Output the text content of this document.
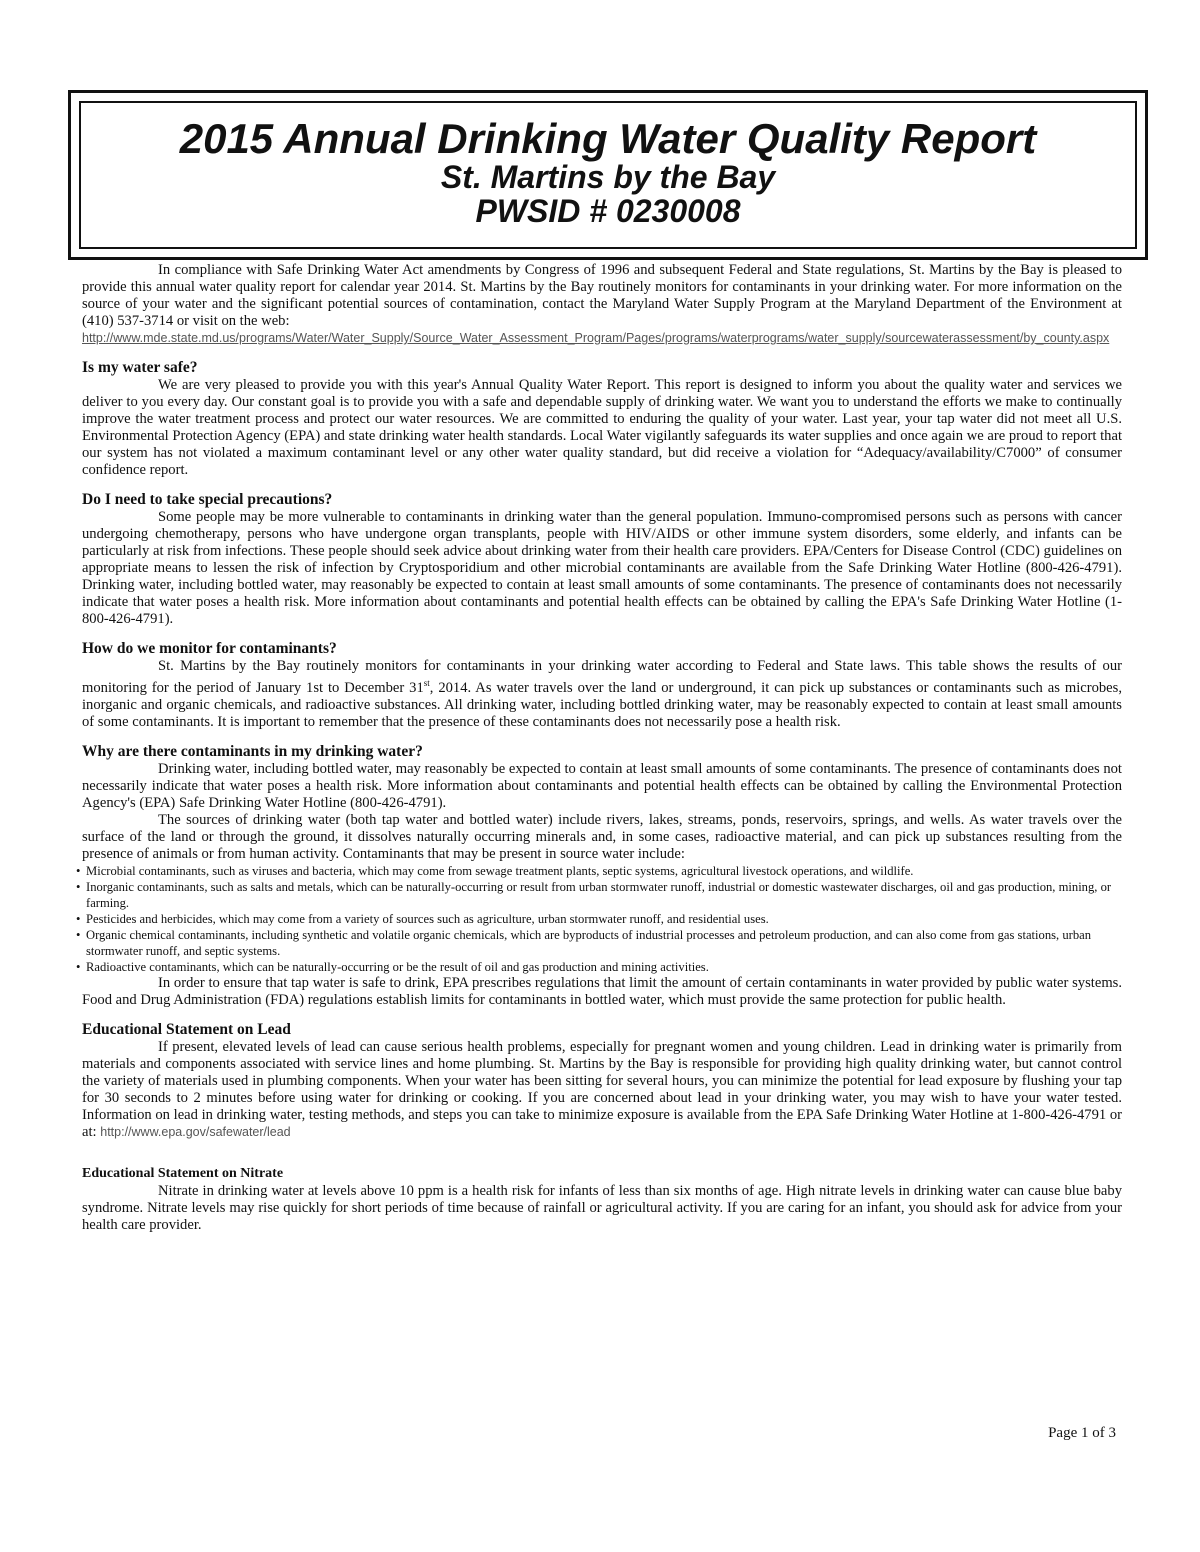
2015 Annual Drinking Water Quality Report
St. Martins by the Bay
PWSID # 0230008

In compliance with Safe Drinking Water Act amendments by Congress of 1996 and subsequent Federal and State regulations, St. Martins by the Bay is pleased to provide this annual water quality report for calendar year 2014. St. Martins by the Bay routinely monitors for contaminants in your drinking water. For more information on the source of your water and the significant potential sources of contamination, contact the Maryland Water Supply Program at the Maryland Department of the Environment at (410) 537-3714 or visit on the web:

http://www.mde.state.md.us/programs/Water/Water_Supply/Source_Water_Assessment_Program/Pages/programs/waterprograms/water_supply/sourcewaterassessment/by_county.aspx
Is my water safe?

We are very pleased to provide you with this year's Annual Quality Water Report. This report is designed to inform you about the quality water and services we deliver to you every day. Our constant goal is to provide you with a safe and dependable supply of drinking water. We want you to understand the efforts we make to continually improve the water treatment process and protect our water resources. We are committed to enduring the quality of your water. Last year, your tap water did not meet all U.S. Environmental Protection Agency (EPA) and state drinking water health standards. Local Water vigilantly safeguards its water supplies and once again we are proud to report that our system has not violated a maximum contaminant level or any other water quality standard, but did receive a violation for “Adequacy/availability/C7000” of consumer confidence report.

Do I need to take special precautions?

Some people may be more vulnerable to contaminants in drinking water than the general population. Immuno-compromised persons such as persons with cancer undergoing chemotherapy, persons who have undergone organ transplants, people with HIV/AIDS or other immune system disorders, some elderly, and infants can be particularly at risk from infections. These people should seek advice about drinking water from their health care providers. EPA/Centers for Disease Control (CDC) guidelines on appropriate means to lessen the risk of infection by Cryptosporidium and other microbial contaminants are available from the Safe Drinking Water Hotline (800-426-4791). Drinking water, including bottled water, may reasonably be expected to contain at least small amounts of some contaminants. The presence of contaminants does not necessarily indicate that water poses a health risk. More information about contaminants and potential health effects can be obtained by calling the EPA's Safe Drinking Water Hotline (1-800-426-4791).

How do we monitor for contaminants?

St. Martins by the Bay routinely monitors for contaminants in your drinking water according to Federal and State laws. This table shows the results of our monitoring for the period of January 1st to December 31st, 2014. As water travels over the land or underground, it can pick up substances or contaminants such as microbes, inorganic and organic chemicals, and radioactive substances. All drinking water, including bottled drinking water, may be reasonably expected to contain at least small amounts of some contaminants. It is important to remember that the presence of these contaminants does not necessarily pose a health risk.

Why are there contaminants in my drinking water?

Drinking water, including bottled water, may reasonably be expected to contain at least small amounts of some contaminants. The presence of contaminants does not necessarily indicate that water poses a health risk. More information about contaminants and potential health effects can be obtained by calling the Environmental Protection Agency's (EPA) Safe Drinking Water Hotline (800-426-4791).

The sources of drinking water (both tap water and bottled water) include rivers, lakes, streams, ponds, reservoirs, springs, and wells. As water travels over the surface of the land or through the ground, it dissolves naturally occurring minerals and, in some cases, radioactive material, and can pick up substances resulting from the presence of animals or from human activity. Contaminants that may be present in source water include:

• Microbial contaminants, such as viruses and bacteria, which may come from sewage treatment plants, septic systems, agricultural livestock operations, and wildlife.
• Inorganic contaminants, such as salts and metals, which can be naturally-occurring or result from urban stormwater runoff, industrial or domestic wastewater discharges, oil and gas production, mining, or farming.
• Pesticides and herbicides, which may come from a variety of sources such as agriculture, urban stormwater runoff, and residential uses.
• Organic chemical contaminants, including synthetic and volatile organic chemicals, which are byproducts of industrial processes and petroleum production, and can also come from gas stations, urban stormwater runoff, and septic systems.
• Radioactive contaminants, which can be naturally-occurring or be the result of oil and gas production and mining activities.

In order to ensure that tap water is safe to drink, EPA prescribes regulations that limit the amount of certain contaminants in water provided by public water systems. Food and Drug Administration (FDA) regulations establish limits for contaminants in bottled water, which must provide the same protection for public health.

Educational Statement on Lead

If present, elevated levels of lead can cause serious health problems, especially for pregnant women and young children. Lead in drinking water is primarily from materials and components associated with service lines and home plumbing. St. Martins by the Bay is responsible for providing high quality drinking water, but cannot control the variety of materials used in plumbing components. When your water has been sitting for several hours, you can minimize the potential for lead exposure by flushing your tap for 30 seconds to 2 minutes before using water for drinking or cooking. If you are concerned about lead in your drinking water, you may wish to have your water tested. Information on lead in drinking water, testing methods, and steps you can take to minimize exposure is available from the EPA Safe Drinking Water Hotline at 1-800-426-4791 or at: http://www.epa.gov/safewater/lead

Educational Statement on Nitrate

Nitrate in drinking water at levels above 10 ppm is a health risk for infants of less than six months of age. High nitrate levels in drinking water can cause blue baby syndrome. Nitrate levels may rise quickly for short periods of time because of rainfall or agricultural activity. If you are caring for an infant, you should ask for advice from your health care provider.

Page 1 of 3
